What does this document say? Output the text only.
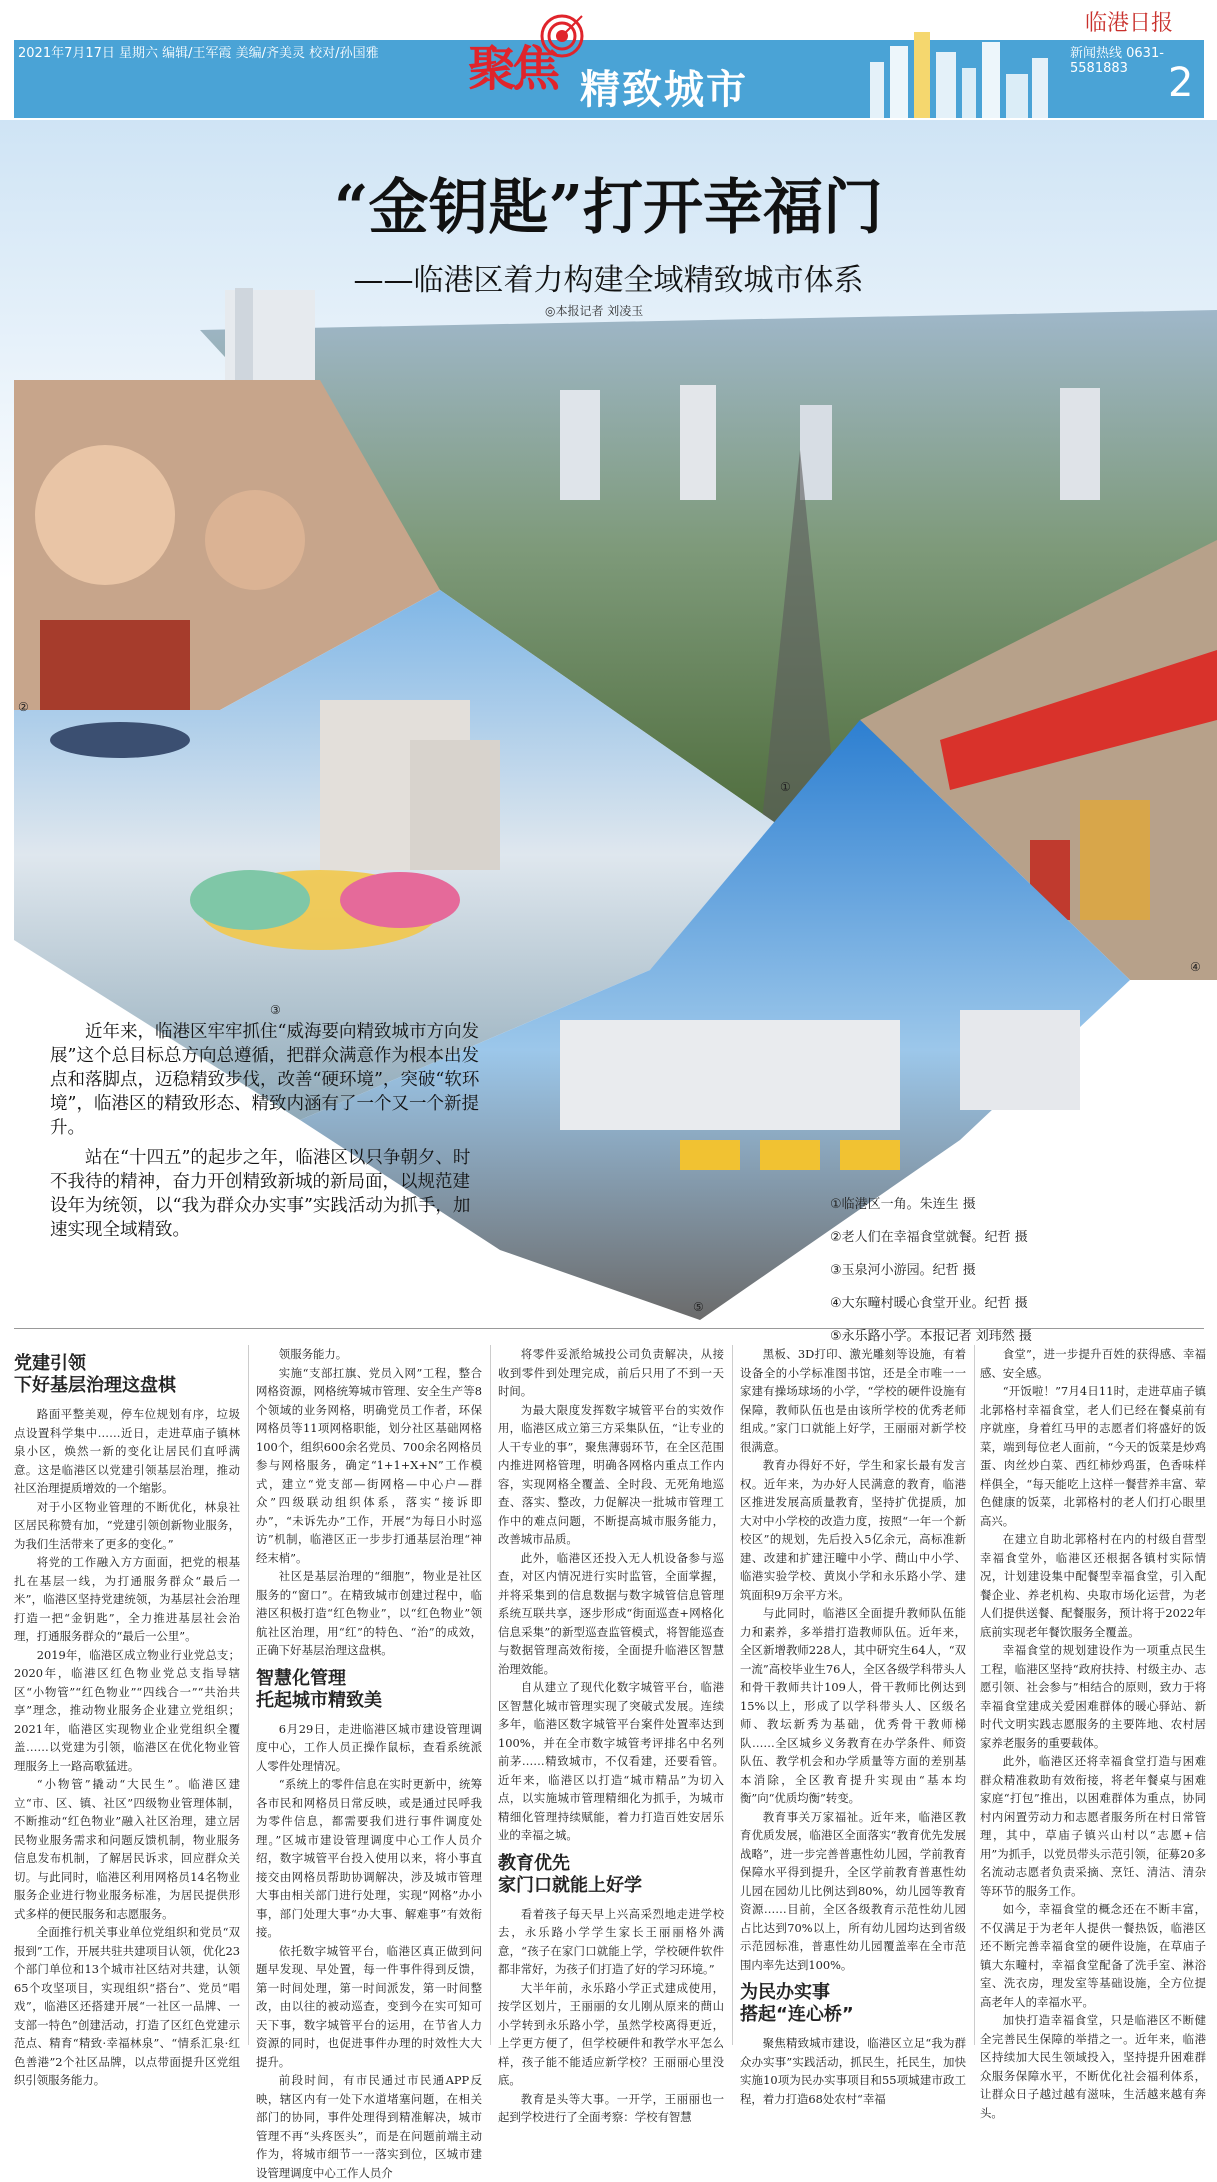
2021年7月17日 星期六 编辑/王军霞 美编/齐美灵 校对/孙国雅 聚焦 精致城市
临港日报
新闻热线 0631-5581883	2
“金钥匙”打开幸福门
——临港区着力构建全域精致城市体系
◎本报记者 刘凌玉
①
②
③
④
⑤

近年来，临港区牢牢抓住“威海要向精致城市方向发展”这个总目标总方向总遵循，把群众满意作为根本出发点和落脚点，迈稳精致步伐，改善“硬环境”，突破“软环境”，临港区的精致形态、精致内涵有了一个又一个新提升。

站在“十四五”的起步之年，临港区以只争朝夕、时不我待的精神，奋力开创精致新城的新局面，以规范建设年为统领，以“我为群众办实事”实践活动为抓手，加速实现全域精致。

①临港区一角。朱连生 摄
②老人们在幸福食堂就餐。纪哲 摄
③玉泉河小游园。纪哲 摄
④大东疃村暖心食堂开业。纪哲 摄
⑤永乐路小学。本报记者 刘玮然 摄
党建引领
下好基层治理这盘棋

路面平整美观，停车位规划有序，垃圾点设置科学集中……近日，走进草庙子镇林泉小区，焕然一新的变化让居民们直呼满意。这是临港区以党建引领基层治理，推动社区治理提质增效的一个缩影。

对于小区物业管理的不断优化，林泉社区居民称赞有加，“党建引领创新物业服务，为我们生活带来了更多的变化。”

将党的工作融入方方面面，把党的根基扎在基层一线，为打通服务群众“最后一米”，临港区坚持党建统领，为基层社会治理打造一把“金钥匙”，全力推进基层社会治理，打通服务群众的“最后一公里”。

2019年，临港区成立物业行业党总支；2020年，临港区红色物业党总支指导辖区“小物管”“红色物业”“四线合一”“共治共享”理念，推动物业服务企业建立党组织；2021年，临港区实现物业企业党组织全覆盖……以党建为引领，临港区在优化物业管理服务上一路高歌猛进。

“小物管”撬动“大民生”。临港区建立“市、区、镇、社区”四级物业管理体制，不断推动“红色物业”融入社区治理，建立居民物业服务需求和问题反馈机制，物业服务信息发布机制，了解居民诉求，回应群众关切。与此同时，临港区利用网格员14名物业服务企业进行物业服务标准，为居民提供形式多样的便民服务和志愿服务。

全面推行机关事业单位党组织和党员“双报到”工作，开展共驻共建项目认领，优化23个部门单位和13个城市社区结对共建，认领65个攻坚项目，实现组织“搭台”、党员“唱戏”，临港区还搭建开展“一社区一品牌、一支部一特色”创建活动，打造了区红色党建示范点、精育“精致·幸福林泉”、“情系汇泉·红色善港”2个社区品牌，以点带面提升区党组织引领服务能力。

领服务能力。

实施“支部扛旗、党员入网”工程，整合网格资源，网格统筹城市管理、安全生产等8个领域的业务网格，明确党员工作者，环保网格员等11项网格职能，划分社区基础网格100个，组织600余名党员、700余名网格员参与网格服务，确定“1+1+X+N”工作模式，建立“党支部—街网格—中心户—群众”四级联动组织体系，落实“接诉即办”，“未诉先办”工作，开展“为每日小时巡访”机制，临港区正一步步打通基层治理“神经末梢”。

社区是基层治理的“细胞”，物业是社区服务的“窗口”。在精致城市创建过程中，临港区积极打造“红色物业”，以“红色物业”领航社区治理，用“红”的特色、“治”的成效，正确下好基层治理这盘棋。

智慧化管理
托起城市精致美

6月29日，走进临港区城市建设管理调度中心，工作人员正操作鼠标，查看系统派人零件处理情况。

“系统上的零件信息在实时更新中，统筹各市民和网格员日常反映，或是通过民呼我为零件信息，都需要我们进行事件调度处理。”区城市建设管理调度中心工作人员介绍，数字城管平台投入使用以来，将小事直接交由网格员帮助协调解决，涉及城市管理大事由相关部门进行处理，实现“网格”办小事，部门处理大事“办大事、解难事”有效衔接。

依托数字城管平台，临港区真正做到问题早发现、早处置，每一件事件得到反馈，第一时间处理，第一时间派发，第一时间整改，由以往的被动巡查，变到今在实可知可天下事，数字城管平台的运用，在节省人力资源的同时，也促进事件办理的时效性大大提升。

前段时间，有市民通过市民通APP反映，辖区内有一处下水道堵塞问题，在相关部门的协同，事件处理得到精准解决，城市管理不再“头疼医头”，而是在问题前端主动作为，将城市细节一一落实到位，区城市建设管理调度中心工作人员介

将零件妥派给城投公司负责解决，从接收到零件到处理完成，前后只用了不到一天时间。

为最大限度发挥数字城管平台的实效作用，临港区成立第三方采集队伍，“让专业的人干专业的事”，聚焦薄弱环节，在全区范围内推进网格管理，明确各网格内重点工作内容，实现网格全覆盖、全时段、无死角地巡查、落实、整改，力促解决一批城市管理工作中的难点问题，不断提高城市服务能力，改善城市品质。

此外，临港区还投入无人机设备参与巡查，对区内情况进行实时监管，全面掌握，并将采集到的信息数据与数字城管信息管理系统互联共享，逐步形成“街面巡查+网格化信息采集”的新型巡查监管模式，将智能巡查与数据管理高效衔接，全面提升临港区智慧治理效能。

自从建立了现代化数字城管平台，临港区智慧化城市管理实现了突破式发展。连续多年，临港区数字城管平台案件处置率达到100%，并在全市数字城管考评排名中名列前茅……精致城市，不仅看建，还要看管。近年来，临港区以打造“城市精品”为切入点，以实施城市管理精细化为抓手，为城市精细化管理持续赋能，着力打造百姓安居乐业的幸福之城。

教育优先
家门口就能上好学

看着孩子每天早上兴高采烈地走进学校去，永乐路小学学生家长王丽丽格外满意，“孩子在家门口就能上学，学校硬件软件都非常好，为孩子们打造了好的学习环境。”

大半年前，永乐路小学正式建成使用，按学区划片，王丽丽的女儿刚从原来的蔄山小学转到永乐路小学，虽然学校离得更近，上学更方便了，但学校硬件和教学水平怎么样，孩子能不能适应新学校？王丽丽心里没底。

教育是头等大事。一开学，王丽丽也一起到学校进行了全面考察：学校有智慧

黑板、3D打印、激光雕刻等设施，有着设备全的小学标准图书馆，还是全市唯一一家建有操场球场的小学，“学校的硬件设施有保障，教师队伍也是由该所学校的优秀老师组成。”家门口就能上好学，王丽丽对新学校很满意。

教育办得好不好，学生和家长最有发言权。近年来，为办好人民满意的教育，临港区推进发展高质量教育，坚持扩优提质，加大对中小学校的改造力度，按照“一年一个新校区”的规划，先后投入5亿余元，高标准新建、改建和扩建汪疃中小学、蔄山中小学、临港实验学校、黄岚小学和永乐路小学、建筑面积9万余平方米。

与此同时，临港区全面提升教师队伍能力和素养，多举措打造教师队伍。近年来，全区新增教师228人，其中研究生64人，“双一流”高校毕业生76人，全区各级学科带头人和骨干教师共计109人，骨干教师比例达到15%以上，形成了以学科带头人、区级名师、教坛新秀为基础，优秀骨干教师梯队……全区城乡义务教育在办学条件、师资队伍、教学机会和办学质量等方面的差别基本消除，全区教育提升实现由“基本均衡”向“优质均衡”转变。

教育事关万家福祉。近年来，临港区教育优质发展，临港区全面落实“教育优先发展战略”，进一步完善普惠性幼儿园，学前教育保障水平得到提升，全区学前教育普惠性幼儿园在园幼儿比例达到80%，幼儿园等教育资源……目前，全区各级教育示范性幼儿园占比达到70%以上，所有幼儿园均达到省级示范园标准，普惠性幼儿园覆盖率在全市范围内率先达到100%。

为民办实事
搭起“连心桥”

聚焦精致城市建设，临港区立足“我为群众办实事”实践活动，抓民生，托民生，加快实施10项为民办实事项目和55项城建市政工程，着力打造68处农村“幸福

食堂”，进一步提升百姓的获得感、幸福感、安全感。

“开饭啦！”7月4日11时，走进草庙子镇北郭格村幸福食堂，老人们已经在餐桌前有序就座，身着红马甲的志愿者们将盛好的饭菜，端到每位老人面前，“今天的饭菜是炒鸡蛋、肉丝炒白菜、西红柿炒鸡蛋，色香味样样俱全，“每天能吃上这样一餐营养丰富、荤色健康的饭菜，北郭格村的老人们打心眼里高兴。

在建立自助北郭格村在内的村级自营型幸福食堂外，临港区还根据各镇村实际情况，计划建设集中配餐型幸福食堂，引入配餐企业、养老机构、央取市场化运营，为老人们提供送餐、配餐服务，预计将于2022年底前实现老年餐饮服务全覆盖。

幸福食堂的规划建设作为一项重点民生工程，临港区坚持“政府扶持、村级主办、志愿引领、社会参与”相结合的原则，致力于将幸福食堂建成关爱困难群体的暖心驿站、新时代文明实践志愿服务的主要阵地、农村居家养老服务的重要载体。

此外，临港区还将幸福食堂打造与困难群众精准救助有效衔接，将老年餐桌与困难家庭“打包”推出，以困难群体为重点，协同村内闲置劳动力和志愿者服务所在村日常管理，其中，草庙子镇兴山村以“志愿+信用”为抓手，以党员带头示范引领，征募20多名流动志愿者负责采摘、烹饪、清洁、清杂等环节的服务工作。

如今，幸福食堂的概念还在不断丰富，不仅满足于为老年人提供一餐热饭，临港区还不断完善幸福食堂的硬件设施，在草庙子镇大东疃村，幸福食堂配备了洗手室、淋浴室、洗衣房，理发室等基础设施，全方位提高老年人的幸福水平。

加快打造幸福食堂，只是临港区不断健全完善民生保障的举措之一。近年来，临港区持续加大民生领域投入，坚持提升困难群众服务保障水平，不断优化社会福利体系，让群众日子越过越有滋味，生活越来越有奔头。
